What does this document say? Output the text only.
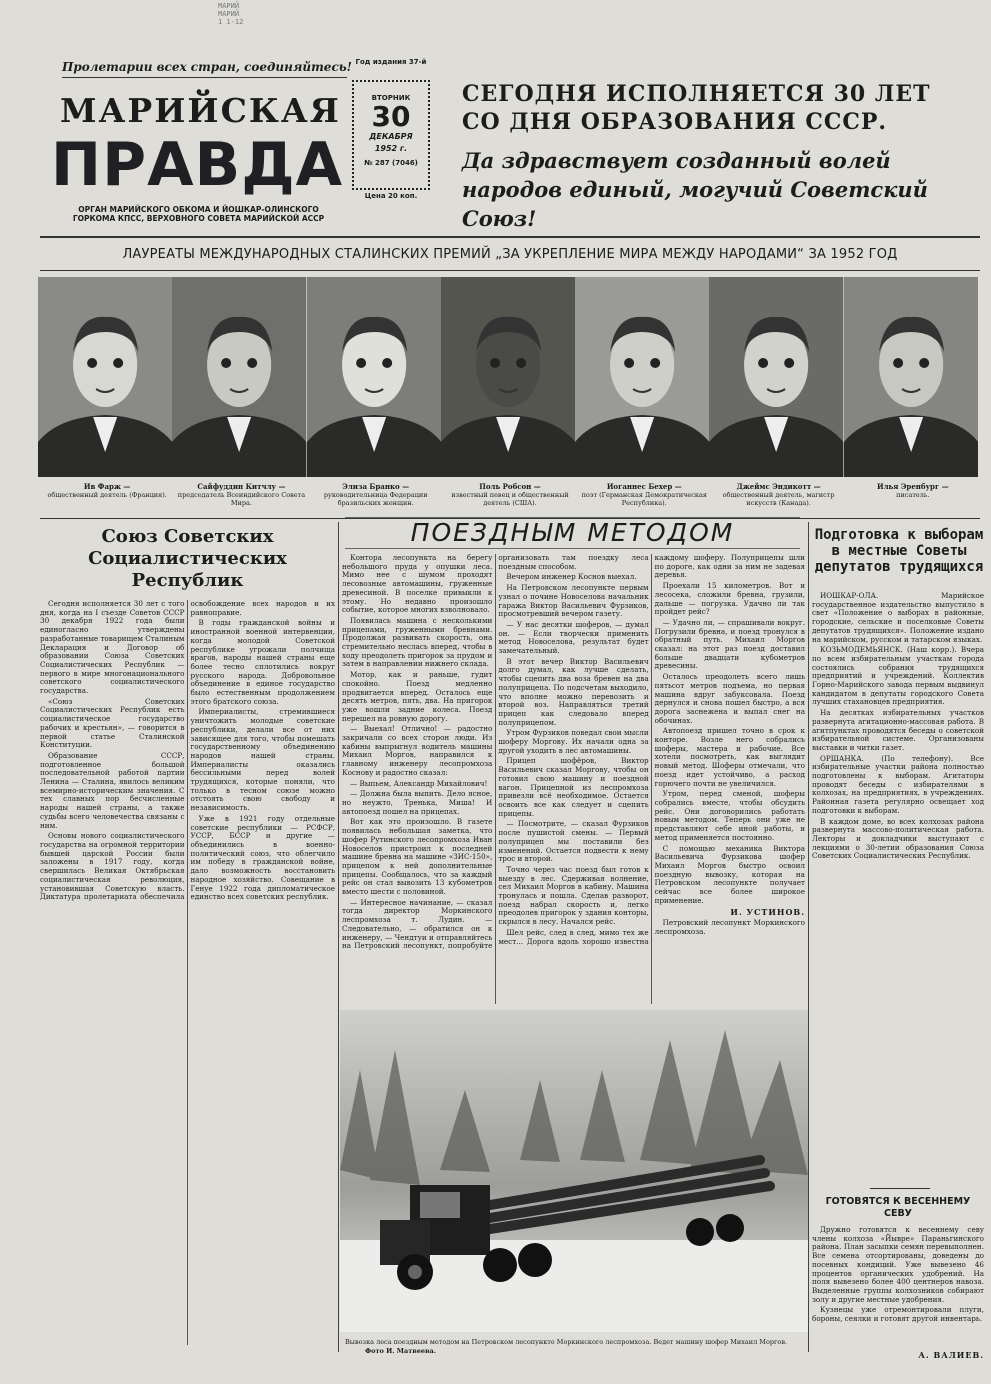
МАРИЙ
МАРИЙ
1 1-12
Пролетарии всех стран, соединяйтесь!
МАРИЙСКАЯ
ПРАВДА
ОРГАН МАРИЙСКОГО ОБКОМА И ЙОШКАР-ОЛИНСКОГО ГОРКОМА КПСС, ВЕРХОВНОГО СОВЕТА МАРИЙСКОЙ АССР
Год издания 37-й
ВТОРНИК
30
ДЕКАБРЯ
1952 г.
№ 287 (7046)
Цена 20 коп.
СЕГОДНЯ ИСПОЛНЯЕТСЯ 30 ЛЕТ
СО ДНЯ ОБРАЗОВАНИЯ СССР.
Да здравствует созданный волей народов единый, могучий Советский Союз!
ЛАУРЕАТЫ МЕЖДУНАРОДНЫХ СТАЛИНСКИХ ПРЕМИЙ „ЗА УКРЕПЛЕНИЕ МИРА МЕЖДУ НАРОДАМИ“ ЗА 1952 ГОД
Ив Фарж —
общественный деятель (Франция).
Сайфуддин Китчлу —
председатель Всеиндийского Совета Мира.
Элиза Бранко —
руководительница Федерации бразильских женщин.
Поль Робсон —
известный певец и общественный деятель (США).
Иоганнес Бехер —
поэт (Германская Демократическая Республика).
Джеймс Эндикотт —
общественный деятель, магистр искусств (Канада).
Илья Эренбург —
писатель.
Союз Советских Социалистических Республик

Сегодня исполняется 30 лет с того дня, когда на I съезде Советов СССР 30 декабря 1922 года были единогласно утверждены разработанные товарищем Сталиным Декларация и Договор об образовании Союза Советских Социалистических Республик — первого в мире многонационального советского социалистического государства.

«Союз Советских Социалистических Республик есть социалистическое государство рабочих и крестьян», — говорится в первой статье Сталинской Конституции.

Образование СССР, подготовленное большой последовательной работой партии Ленина — Сталина, явилось великим всемирно-историческим значения. С тех славных пор бесчисленные народы нашей страны, а также судьбы всего человечества связаны с ним.

Основы нового социалистического государства на огромной территории бывшей царской России были заложены в 1917 году, когда свершилась Великая Октябрьская социалистическая революция, установившая Советскую власть. Диктатура пролетариата обеспечила освобождение всех народов и их равноправие.

В годы гражданской войны и иностранной военной интервенции, когда молодой Советской республике угрожали полчища врагов, народы нашей страны еще более тесно сплотились вокруг русского народа. Добровольное объединение в единое государство было естественным продолжением этого братского союза.

Империалисты, стремившиеся уничтожить молодые советские республики, делали все от них зависящее для того, чтобы помешать государственному объединению народов нашей страны. Империалисты оказались бессильными перед волей трудящихся, которые поняли, что только в тесном союзе можно отстоять свою свободу и независимость.

Уже в 1921 году отдельные советские республики — РСФСР, УССР, БССР и другие — объединились в военно-политический союз, что облегчило им победу в гражданской войне, дало возможность восстановить народное хозяйство. Совещание в Генуе 1922 года дипломатическое единство всех советских республик.

ПОЕЗДНЫМ МЕТОДОМ

Контора лесопункта на берегу небольшого пруда у опушки леса. Мимо нее с шумом проходят лесовозные автомашины, груженные древесиной. В поселке привыкли к этому. Но недавно произошло событие, которое многих взволновало.

Появилась машина с несколькими прицепами, груженными бревнами. Продолжая развивать скорость, она стремительно неслась вперед, чтобы в ходу преодолеть пригорок за прудом и затем в направлении нижнего склада.

Мотор, как и раньше, гудит спокойно. Поезд медленно продвигается вперед. Осталось еще десять метров, пять, два. На пригорок уже вошли задние колеса. Поезд перешел на ровную дорогу.

— Выехал! Отлично! — радостно закричали со всех сторон люди. Из кабины выпрыгнул водитель машины Михаил Моргов, направился к главному инженеру лесопромхоза Коснову и радостно сказал:

— Выпьем, Александр Михайлович!

— Должна была выпить. Дело ясное, но неужто, Тренька, Миша! И автопоезд пошел на прицепах.

Вот как это произошло. В газете появилась небольшая заметка, что шофер Рутинского лесопромхоза Иван Новоселов пристроил к последней машине бревна на машине «ЗИС-150», прицепом к ней дополнительные прицепы. Сообщалось, что за каждый рейс он стал вывозить 13 кубометров вместо шести с половиной.

— Интересное начинание, — сказал тогда директор Моркинского леспромхоза т. Лудин. — Следовательно, — обратился он к инженеру, — Чендтуи и отправляйтесь на Петровский лесопункт, попробуйте организовать там поездку леса поездным способом.

Вечером инженер Коснов выехал.

На Петровском лесопункте первым узнал о почине Новоселова начальник гаража Виктор Васильевич Фурзиков, просмотревший вечером газету.

— У нас десятки шоферов, — думал он. — Если творчески применить метод Новоселова, результат будет замечательный.

В этот вечер Виктор Васильевич долго думал, как лучше сделать, чтобы сцепить два воза бревен на два полуприцепа. По подсчетам выходило, что вполне можно перевозить и второй воз. Направляться третий прицеп как следовало вперед полуприцепом.

Утром Фурзиков поведал свои мысли шоферу Моргову. Их начали одна за другой уходить в лес автомашины.

Прицеп шофёров, Виктор Васильевич сказал Моргову, чтобы он готовил свою машину и поездной вагон. Прицепной из леспромхоза привезли всё необходимое. Остается освоить все как следует и сцепить прицепы.

— Посмотрите, — сказал Фурзиков после пушистой смены. — Первый полуприцеп мы поставили без изменений. Остается подвести к нему трос и второй.

Точно через час поезд был готов к выезду в лес. Сдерживая волнение, сел Михаил Моргов в кабину. Машина тронулась и пошла. Сделав разворот, поезд набрал скорость и, легко преодолев пригорок у здания конторы, скрылся в лесу. Начался рейс.

Шел рейс, след в след, мимо тех же мест... Дорога вдоль хорошо известна каждому шоферу. Полуприцепы шли по дороге, как одни за ним не задевая деревья.

Проехали 15 километров. Вот и лесосека, сложили бревна, грузили, дальше — погрузка. Удачно ли так пройдет рейс?

— Удачно ли, — спрашивали вокруг. Погрузили бревна, и поезд тронулся в обратный путь. Михаил Моргов сказал: на этот раз поезд доставил больше двадцати кубометров древесины.

Осталось преодолеть всего лишь пятьсот метров подъема, но первая машина вдруг забуксовала. Поезд дернулся и снова пошел быстро, а вся дорога заснежена и выпал снег на обочинах.

Автопоезд пришел точно в срок к конторе. Возле него собрались шоферы, мастера и рабочие. Все хотели посмотреть, как выглядит новый метод. Шоферы отмечали, что поезд идет устойчиво, а расход горючего почти не увеличился.

Утром, перед сменой, шоферы собрались вместе, чтобы обсудить рейс. Они договорились работать новым методом. Теперь они уже не представляют себе иной работы, и метод применяется постоянно.

С помощью механика Виктора Васильевича Фурзикова шофер Михаил Моргов быстро освоил поездную вывозку, которая на Петровском лесопункте получает сейчас все более широкое применение.

И. УСТИНОВ.

Петровский лесопункт Моркинского леспромхоза.

Вывозка леса поездным методом на Петровском лесопункте Моркинского леспромхоза. Ведет машину шофер Михаил Моргов. Фото И. Матвеева.
Подготовка к выборам в местные Советы депутатов трудящихся

ЙОШКАР-ОЛА. Марийское государственное издательство выпустило в свет «Положение о выборах в районные, городские, сельские и поселковые Советы депутатов трудящихся». Положение издано на марийском, русском и татарском языках.

КОЗЬМОДЕМЬЯНСК. (Наш корр.). Вчера по всем избирательным участкам города состоялись собрания трудящихся предприятий и учреждений. Коллектив Горно-Марийского завода первым выдвинул кандидатом в депутаты городского Совета лучших стахановцев предприятия.

На десятках избирательных участков развернута агитационно-массовая работа. В агитпунктах проводятся беседы о советской избирательной системе. Организованы выставки и читки газет.

ОРШАНКА. (По телефону). Все избирательные участки района полностью подготовлены к выборам. Агитаторы проводят беседы с избирателями в колхозах, на предприятиях, в учреждениях. Районная газета регулярно освещает ход подготовки к выборам.

В каждом доме, во всех колхозах района развернута массово-политическая работа. Лекторы и докладчики выступают с лекциями о 30-летии образования Союза Советских Социалистических Республик.

ГОТОВЯТСЯ К ВЕСЕННЕМУ СЕВУ

Дружно готовятся к весеннему севу члены колхоза «Йывре» Параньгинского района. План засыпки семян перевыполнен. Все семена отсортированы, доведены до посевных кондиций. Уже вывезено 46 процентов органических удобрений. На поля вывезено более 400 центнеров навоза. Выделенные группы колхозников собирают золу и другие местные удобрения.

Кузнецы уже отремонтировали плуги, бороны, сеялки и готовят другой инвентарь.

А. ВАЛИЕВ.
